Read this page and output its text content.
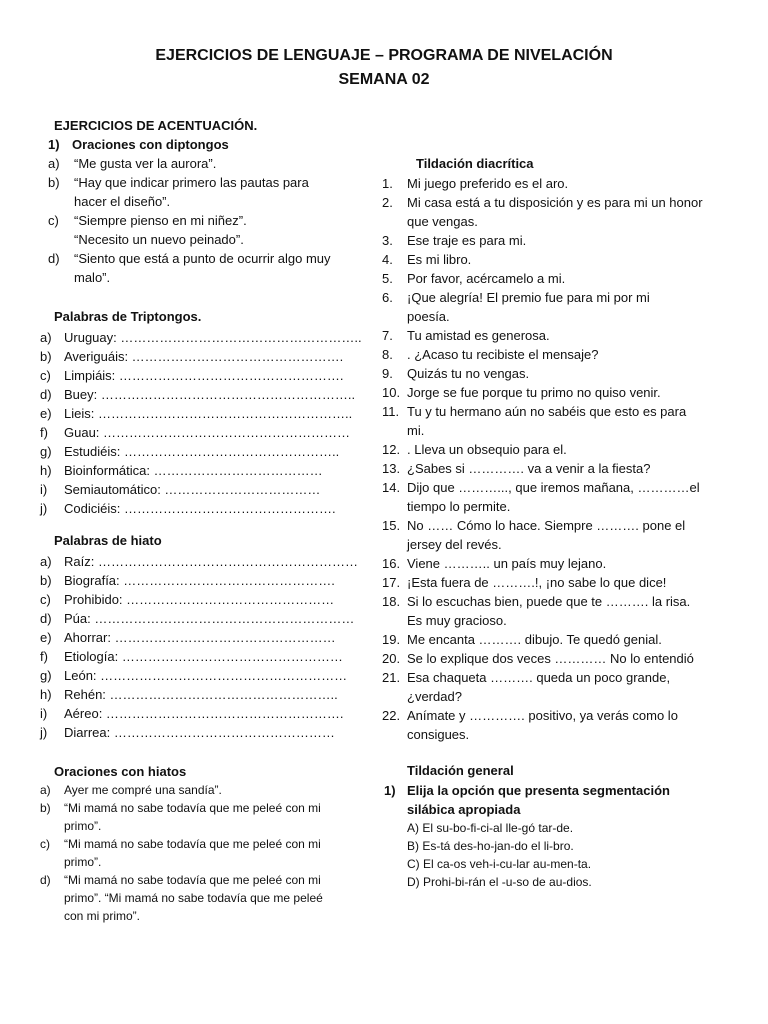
EJERCICIOS DE LENGUAJE – PROGRAMA DE NIVELACIÓN
SEMANA 02
EJERCICIOS DE ACENTUACIÓN.
1) Oraciones con diptongos
a) “Me gusta ver la aurora”.
b) “Hay que indicar primero las pautas para
hacer el diseño”.
c) “Siempre pienso en mi niñez”.
“Necesito un nuevo peinado”.
d) “Siento que está a punto de ocurrir algo muy
malo”.
Palabras de Triptongos.
a) Uruguay: ………………………………………………..
b) Averiguáis: ………………………………………….
c) Limpiáis: …………………………………………….
d) Buey: …………………………………………………..
e) Lieis: …………………………………………………..
f) Guau: …………………………………………………
g) Estudiéis: …………………………………………..
h) Bioinformática: …………………………………
i) Semiautomático: ………………………………
j) Codiciéis: ………………………………………….
Palabras de hiato
a) Raíz: ……………………………………………………
b) Biografía: ………………………………………….
c) Prohibido: …………………………………………
d) Púa: ……………………………………………………
e) Ahorrar: ……………………………………………
f) Etiología: ……………………………………………
g) León: …………………………………………………
h) Rehén: ……………………………………………..
i) Aéreo: ……………………………………………….
j) Diarrea: ……………………………………………
Oraciones con hiatos
a) Ayer me compré una sandía”.
b) “Mi mamá no sabe todavía que me peleé con mi
primo”.
c) “Mi mamá no sabe todavía que me peleé con mi
primo”.
d) “Mi mamá no sabe todavía que me peleé con mi
primo”. “Mi mamá no sabe todavía que me peleé
con mi primo”.
Tildación diacrítica
1. Mi juego preferido es el aro.
2. Mi casa está a tu disposición y es para mi un honor
que vengas.
3. Ese traje es para mi.
4. Es mi libro.
5. Por favor, acércamelo a mi.
6. ¡Que alegría! El premio fue para mi por mi
poesía.
7. Tu amistad es generosa.
8. . ¿Acaso tu recibiste el mensaje?
9. Quizás tu no vengas.
10. Jorge se fue porque tu primo no quiso venir.
11. Tu y tu hermano aún no sabéis que esto es para
mi.
12. . Lleva un obsequio para el.
13. ¿Sabes si …………. va a venir a la fiesta?
14. Dijo que ………..., que iremos mañana, …………el
tiempo lo permite.
15. No …… Cómo lo hace. Siempre ………. pone el
jersey del revés.
16. Viene ……….. un país muy lejano.
17. ¡Esta fuera de ……….!, ¡no sabe lo que dice!
18. Si lo escuchas bien, puede que te ………. la risa.
Es muy gracioso.
19. Me encanta ………. dibujo. Te quedó genial.
20. Se lo explique dos veces ………… No lo entendió
21. Esa chaqueta ………. queda un poco grande,
¿verdad?
22. Anímate y …………. positivo, ya verás como lo
consigues.
Tildación general
1) Elija la opción que presenta segmentación
silábica apropiada
A) El su-bo-fi-ci-al lle-gó tar-de.
B) Es-tá des-ho-jan-do el li-bro.
C) El ca-os veh-i-cu-lar au-men-ta.
D) Prohi-bi-rán el -u-so de au-dios.
